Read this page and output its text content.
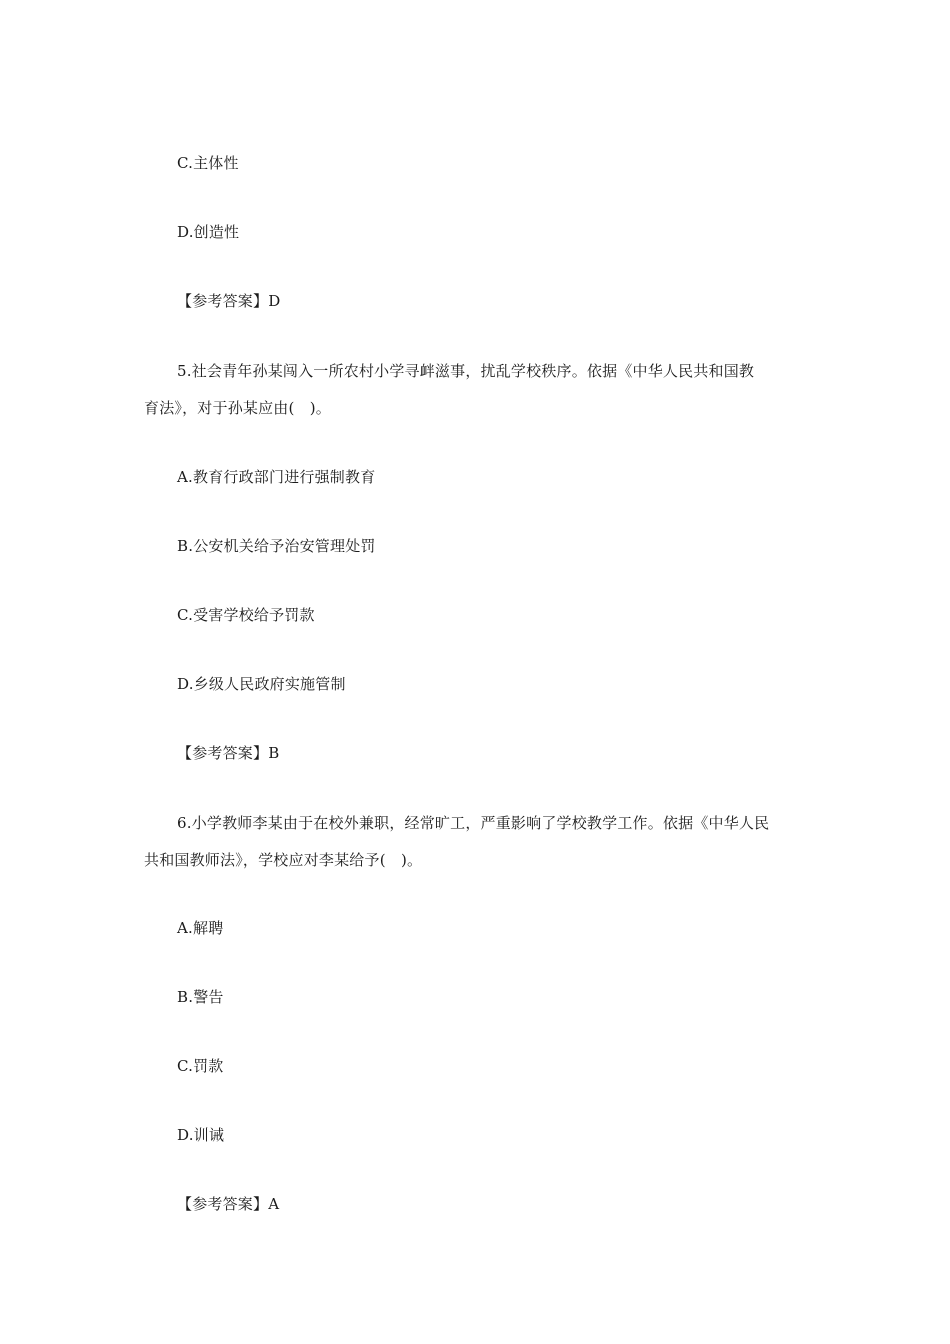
C.主体性
D.创造性
【参考答案】D
5.社会青年孙某闯入一所农村小学寻衅滋事，扰乱学校秩序。依据《中华人民共和国教
育法》，对于孙某应由(　)。
A.教育行政部门进行强制教育
B.公安机关给予治安管理处罚
C.受害学校给予罚款
D.乡级人民政府实施管制
【参考答案】B
6.小学教师李某由于在校外兼职，经常旷工，严重影响了学校教学工作。依据《中华人民
共和国教师法》，学校应对李某给予(　)。
A.解聘
B.警告
C.罚款
D.训诫
【参考答案】A
